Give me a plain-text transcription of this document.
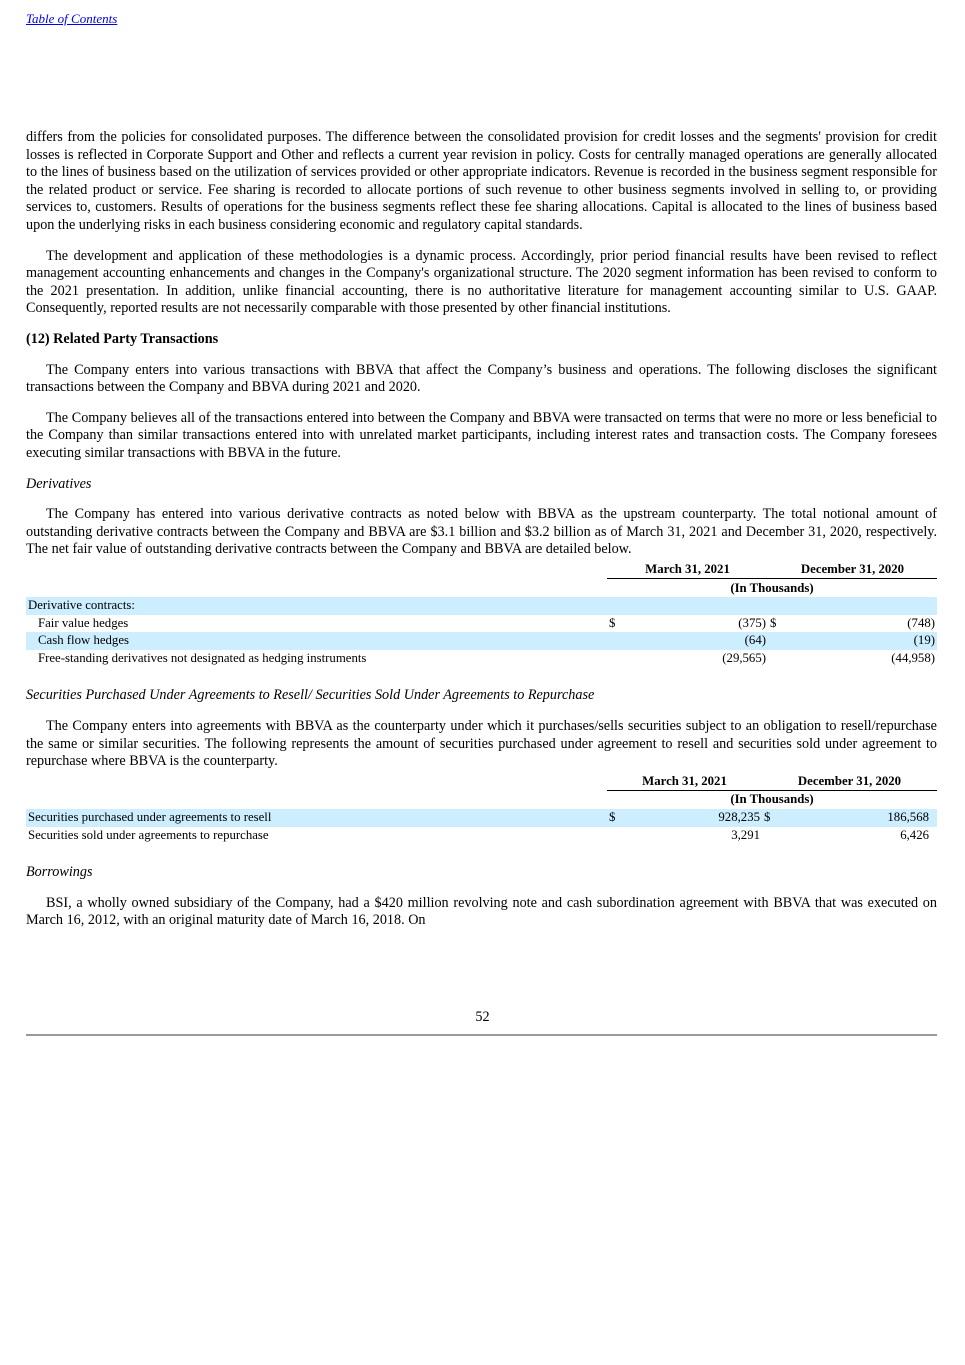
Table of Contents

differs from the policies for consolidated purposes. The difference between the consolidated provision for credit losses and the segments' provision for credit losses is reflected in Corporate Support and Other and reflects a current year revision in policy. Costs for centrally managed operations are generally allocated to the lines of business based on the utilization of services provided or other appropriate indicators. Revenue is recorded in the business segment responsible for the related product or service. Fee sharing is recorded to allocate portions of such revenue to other business segments involved in selling to, or providing services to, customers. Results of operations for the business segments reflect these fee sharing allocations. Capital is allocated to the lines of business based upon the underlying risks in each business considering economic and regulatory capital standards.

The development and application of these methodologies is a dynamic process. Accordingly, prior period financial results have been revised to reflect management accounting enhancements and changes in the Company's organizational structure. The 2020 segment information has been revised to conform to the 2021 presentation. In addition, unlike financial accounting, there is no authoritative literature for management accounting similar to U.S. GAAP. Consequently, reported results are not necessarily comparable with those presented by other financial institutions.

(12) Related Party Transactions

The Company enters into various transactions with BBVA that affect the Company’s business and operations. The following discloses the significant transactions between the Company and BBVA during 2021 and 2020.

The Company believes all of the transactions entered into between the Company and BBVA were transacted on terms that were no more or less beneficial to the Company than similar transactions entered into with unrelated market participants, including interest rates and transaction costs. The Company foresees executing similar transactions with BBVA in the future.

Derivatives

The Company has entered into various derivative contracts as noted below with BBVA as the upstream counterparty. The total notional amount of outstanding derivative contracts between the Company and BBVA are $3.1 billion and $3.2 billion as of March 31, 2021 and December 31, 2020, respectively. The net fair value of outstanding derivative contracts between the Company and BBVA are detailed below.

	March 31, 2021		December 31, 2020	
	(In Thousands)			
Derivative contracts:				
Fair value hedges	$	(375)	$	(748)
Cash flow hedges		(64)		(19)
Free-standing derivatives not designated as hedging instruments		(29,565)		(44,958)
Securities Purchased Under Agreements to Resell/ Securities Sold Under Agreements to Repurchase

The Company enters into agreements with BBVA as the counterparty under which it purchases/sells securities subject to an obligation to resell/repurchase the same or similar securities. The following represents the amount of securities purchased under agreement to resell and securities sold under agreement to repurchase where BBVA is the counterparty.

	March 31, 2021		December 31, 2020	
	(In Thousands)			
Securities purchased under agreements to resell	$	928,235	$	186,568
Securities sold under agreements to repurchase		3,291		6,426
Borrowings

BSI, a wholly owned subsidiary of the Company, had a $420 million revolving note and cash subordination agreement with BBVA that was executed on March 16, 2012, with an original maturity date of March 16, 2018. On

52
